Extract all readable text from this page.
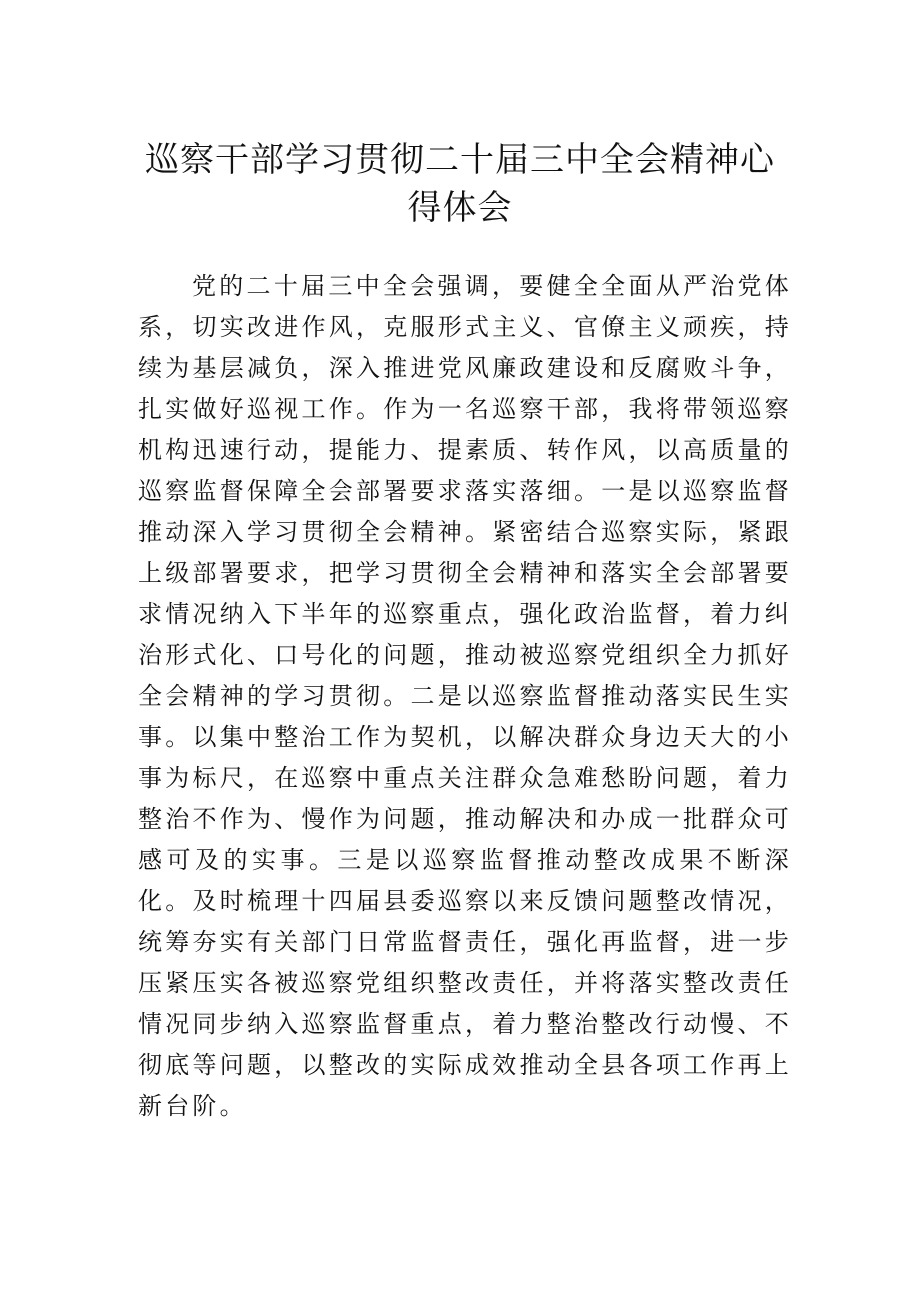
巡察干部学习贯彻二十届三中全会精神心得体会

党的二十届三中全会强调，要健全全面从严治党体系，切实改进作风，克服形式主义、官僚主义顽疾，持续为基层减负，深入推进党风廉政建设和反腐败斗争，扎实做好巡视工作。作为一名巡察干部，我将带领巡察机构迅速行动，提能力、提素质、转作风，以高质量的巡察监督保障全会部署要求落实落细。一是以巡察监督推动深入学习贯彻全会精神。紧密结合巡察实际，紧跟上级部署要求，把学习贯彻全会精神和落实全会部署要求情况纳入下半年的巡察重点，强化政治监督，着力纠治形式化、口号化的问题，推动被巡察党组织全力抓好全会精神的学习贯彻。二是以巡察监督推动落实民生实事。以集中整治工作为契机，以解决群众身边天大的小事为标尺，在巡察中重点关注群众急难愁盼问题，着力整治不作为、慢作为问题，推动解决和办成一批群众可感可及的实事。三是以巡察监督推动整改成果不断深化。及时梳理十四届县委巡察以来反馈问题整改情况，统筹夯实有关部门日常监督责任，强化再监督，进一步压紧压实各被巡察党组织整改责任，并将落实整改责任情况同步纳入巡察监督重点，着力整治整改行动慢、不彻底等问题，以整改的实际成效推动全县各项工作再上新台阶。
